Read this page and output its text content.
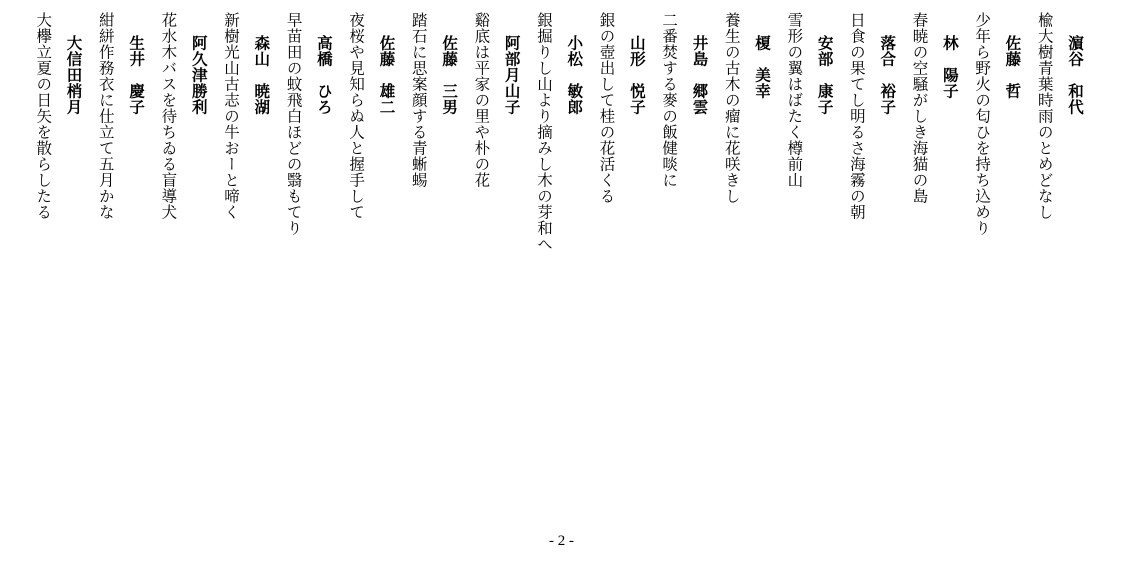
濵谷　和代
楡大樹青葉時雨のとめどなし
佐藤　哲
少年ら野火の匂ひを持ち込めり
林　陽子
春暁の空騒がしき海猫の島
落合　裕子
日食の果てし明るさ海霧の朝
安部　康子
雪形の翼はばたく樽前山
榎　美幸
養生の古木の瘤に花咲きし
井島　郷雲
二番焚する麥の飯健啖に
山形　悦子
銀の壺出して桂の花活くる
小松　敏郎
銀掘りし山より摘みし木の芽和へ
阿部月山子
谿底は平家の里や朴の花
佐藤　三男
踏石に思案顔する青蜥蜴
佐藤　雄二
夜桜や見知らぬ人と握手して
高橋　ひろ
早苗田の蚊飛白ほどの翳もてり
森山　暁湖
新樹光山古志の牛おーと啼く
阿久津勝利
花水木バスを待ちゐる盲導犬
生井　慶子
紺絣作務衣に仕立て五月かな
大信田梢月
大欅立夏の日矢を散らしたる
- 2 -
